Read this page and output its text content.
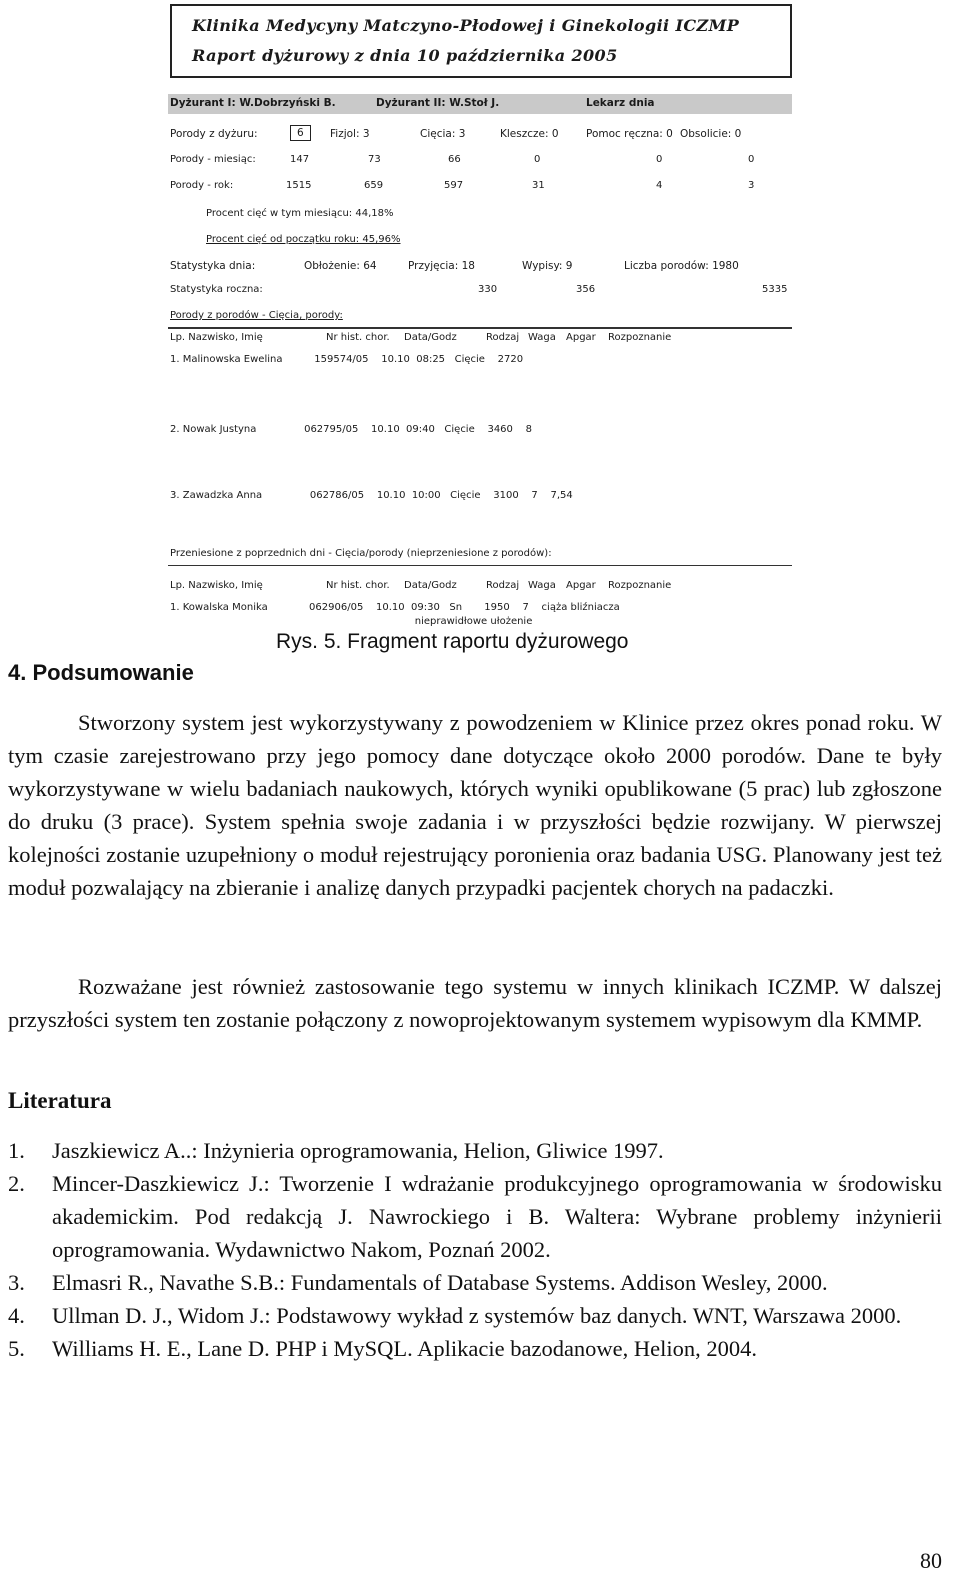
Klinika Medycyny Matczyno-Płodowej i Ginekologii ICZMP
Raport dyżurowy z dnia 10 października 2005
Dyżurant I: W.Dobrzyński B.	Dyżurant II: W.Stoł J.	Lekarz dnia
Porody z dyżuru:	6	Fizjol: 3	Cięcia: 3	Kleszcze: 0	Pomoc ręczna: 0 Obsolicie: 0
Porody - miesiąc:	147	73	66	0	0	0
Porody - rok:	1515	659	597	31	4	3
Procent cięć w tym miesiącu: 44,18%
Procent cięć od początku roku: 45,96%
Statystyka dnia:	Obłożenie: 64	Przyjęcia: 18	Wypisy: 9	Liczba porodów: 1980
Statystyka roczna:	330	356	5335
Porody z porodów - Cięcia, porody:
Lp. Nazwisko, Imię	Nr hist. chor. Data/Godz	Rodzaj Waga Apgar Rozpoznanie
1. Malinowska Ewelina          159574/05    10.10  08:25   Cięcie    2720
2. Nowak Justyna               062795/05    10.10  09:40   Cięcie    3460    8
3. Zawadzka Anna               062786/05    10.10  10:00   Cięcie    3100    7    7,54
Przeniesione z poprzednich dni - Cięcia/porody (nieprzeniesione z porodów):
Lp. Nazwisko, Imię	Nr hist. chor. Data/Godz	Rodzaj Waga Apgar Rozpoznanie
1. Kowalska Monika             062906/05    10.10  09:30   Sn       1950    7    ciąża bliźniacza
nieprawidłowe ułożenie
Rys. 5. Fragment raportu dyżurowego
4. Podsumowanie

Stworzony system jest wykorzystywany z powodzeniem w Klinice przez okres ponad roku. W tym czasie zarejestrowano przy jego pomocy dane dotyczące około 2000 porodów. Dane te były wykorzystywane w wielu badaniach naukowych, których wyniki opublikowane (5 prac) lub zgłoszone do druku (3 prace). System spełnia swoje zadania i w przyszłości będzie rozwijany. W pierwszej kolejności zostanie uzupełniony o moduł rejestrujący poronienia oraz badania USG. Planowany jest też moduł pozwalający na zbieranie i analizę danych przypadki pacjentek chorych na padaczki.

Rozważane jest również zastosowanie tego systemu w innych klinikach ICZMP. W dalszej przyszłości system ten zostanie połączony z nowoprojektowanym systemem wypisowym dla KMMP.

Literatura
1. Jaszkiewicz A..: Inżynieria oprogramowania, Helion, Gliwice 1997.
2. Mincer-Daszkiewicz J.: Tworzenie I wdrażanie produkcyjnego oprogramowania w środowisku akademickim. Pod redakcją J. Nawrockiego i B. Waltera: Wybrane problemy inżynierii oprogramowania. Wydawnictwo Nakom, Poznań 2002.
3. Elmasri R., Navathe S.B.: Fundamentals of Database Systems. Addison Wesley, 2000.
4. Ullman D. J., Widom J.: Podstawowy wykład z systemów baz danych. WNT, Warszawa 2000.
5. Williams H. E., Lane D. PHP i MySQL. Aplikacie bazodanowe, Helion, 2004.
80
